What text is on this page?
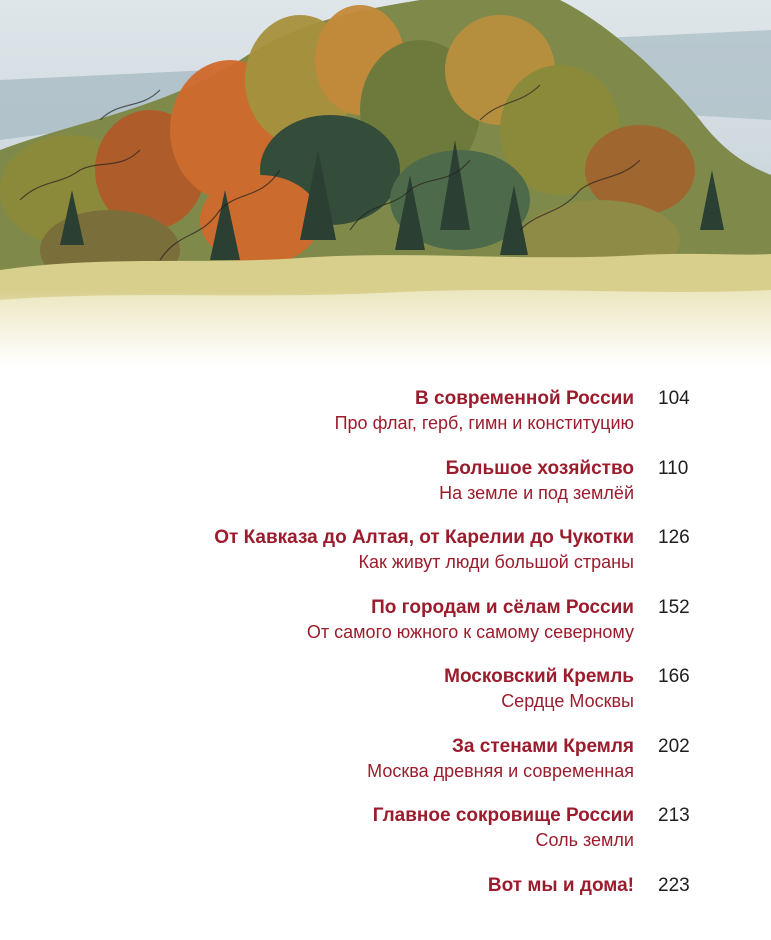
В современной России
Про флаг, герб, гимн и конституцию
104
Большое хозяйство
На земле и под землёй
110
От Кавказа до Алтая, от Карелии до Чукотки
Как живут люди большой страны
126
По городам и сёлам России
От самого южного к самому северному
152
Московский Кремль
Сердце Москвы
166
За стенами Кремля
Москва древняя и современная
202
Главное сокровище России
Соль земли
213
Вот мы и дома! 223
